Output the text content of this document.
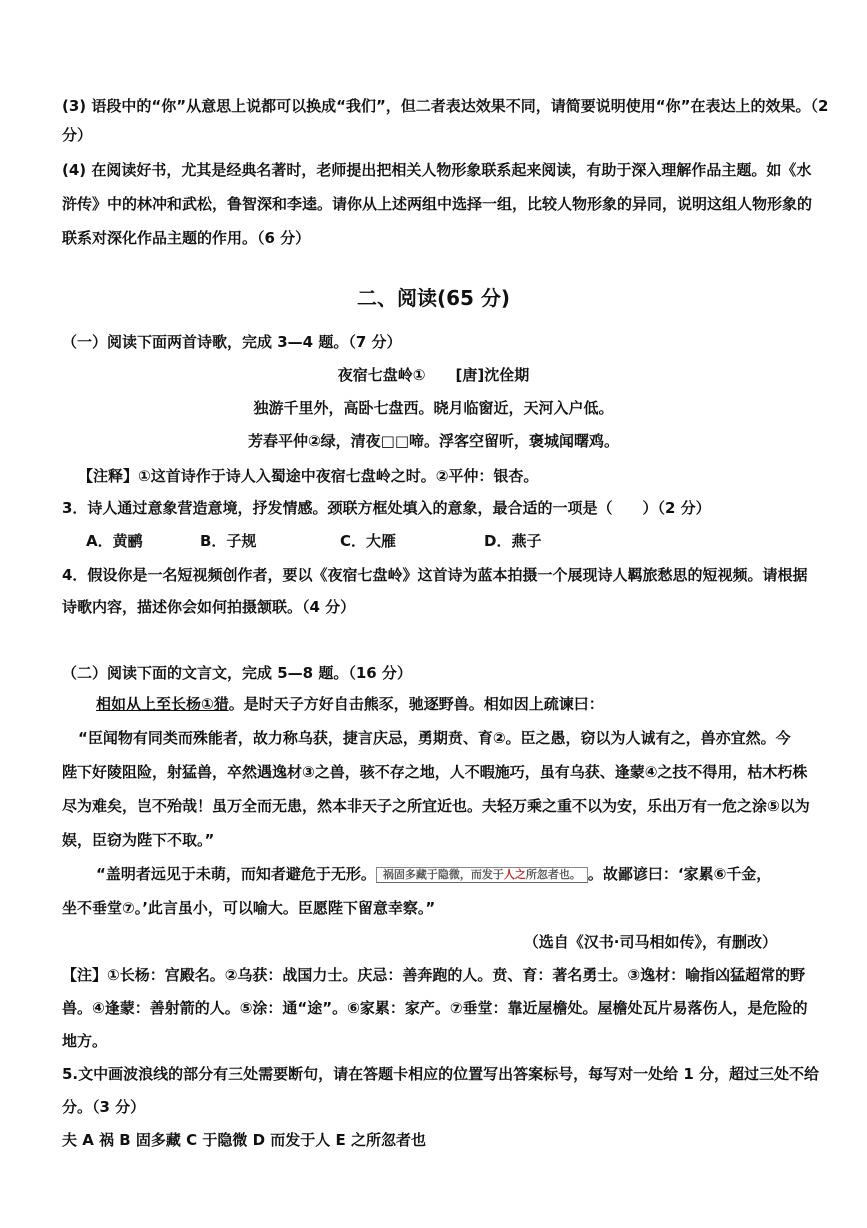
(3) 语段中的“你”从意思上说都可以换成“我们”，但二者表达效果不同，请简要说明使用“你”在表达上的效果。（2
分）
(4) 在阅读好书，尤其是经典名著时，老师提出把相关人物形象联系起来阅读，有助于深入理解作品主题。如《水
浒传》中的林冲和武松，鲁智深和李逵。请你从上述两组中选择一组，比较人物形象的异同，说明这组人物形象的
联系对深化作品主题的作用。（6 分）
二、阅读(65 分)
（一）阅读下面两首诗歌，完成 3—4 题。（7 分）
夜宿七盘岭①　　[唐]沈佺期
独游千里外，高卧七盘西。晓月临窗近，天河入户低。
芳春平仲②绿，清夜□□啼。浮客空留听，褒城闻曙鸡。
【注释】①这首诗作于诗人入蜀途中夜宿七盘岭之时。②平仲：银杏。
3．诗人通过意象营造意境，抒发情感。颈联方框处填入的意象，最合适的一项是（　　）（2 分）
A．黄鹂	B．子规	C．大雁	D．燕子
4．假设你是一名短视频创作者，要以《夜宿七盘岭》这首诗为蓝本拍摄一个展现诗人羁旅愁思的短视频。请根据
诗歌内容，描述你会如何拍摄颔联。（4 分）
（二）阅读下面的文言文，完成 5—8 题。（16 分）
相如从上至长杨①猎。是时天子方好自击熊豕，驰逐野兽。相如因上疏谏曰：
“臣闻物有同类而殊能者，故力称乌获，捷言庆忌，勇期贲、育②。臣之愚，窃以为人诚有之，兽亦宜然。今
陛下好陵阻险，射猛兽，卒然遇逸材③之兽，骇不存之地，人不暇施巧，虽有乌获、逢蒙④之技不得用，枯木朽株
尽为难矣，岂不殆哉！虽万全而无患，然本非天子之所宜近也。夫轻万乘之重不以为安，乐出万有一危之涂⑤以为
娱，臣窃为陛下不取。”
“盖明者远见于未萌，而知者避危于无形。 祸固多藏于隐微，而发于人之所忽者也。 。故鄙谚曰：‘家累⑥千金，
坐不垂堂⑦。’此言虽小，可以喻大。臣愿陛下留意幸察。”
（选自《汉书·司马相如传》，有删改）
【注】①长杨：宫殿名。②乌获：战国力士。庆忌：善奔跑的人。贲、育：著名勇士。③逸材：喻指凶猛超常的野
兽。④逢蒙：善射箭的人。⑤涂：通“途”。⑥家累：家产。⑦垂堂：靠近屋檐处。屋檐处瓦片易落伤人，是危险的
地方。
5.文中画波浪线的部分有三处需要断句，请在答题卡相应的位置写出答案标号，每写对一处给 1 分，超过三处不给
分。（3 分）
夫 A 祸 B 固多藏 C 于隐微 D 而发于人 E 之所忽者也
